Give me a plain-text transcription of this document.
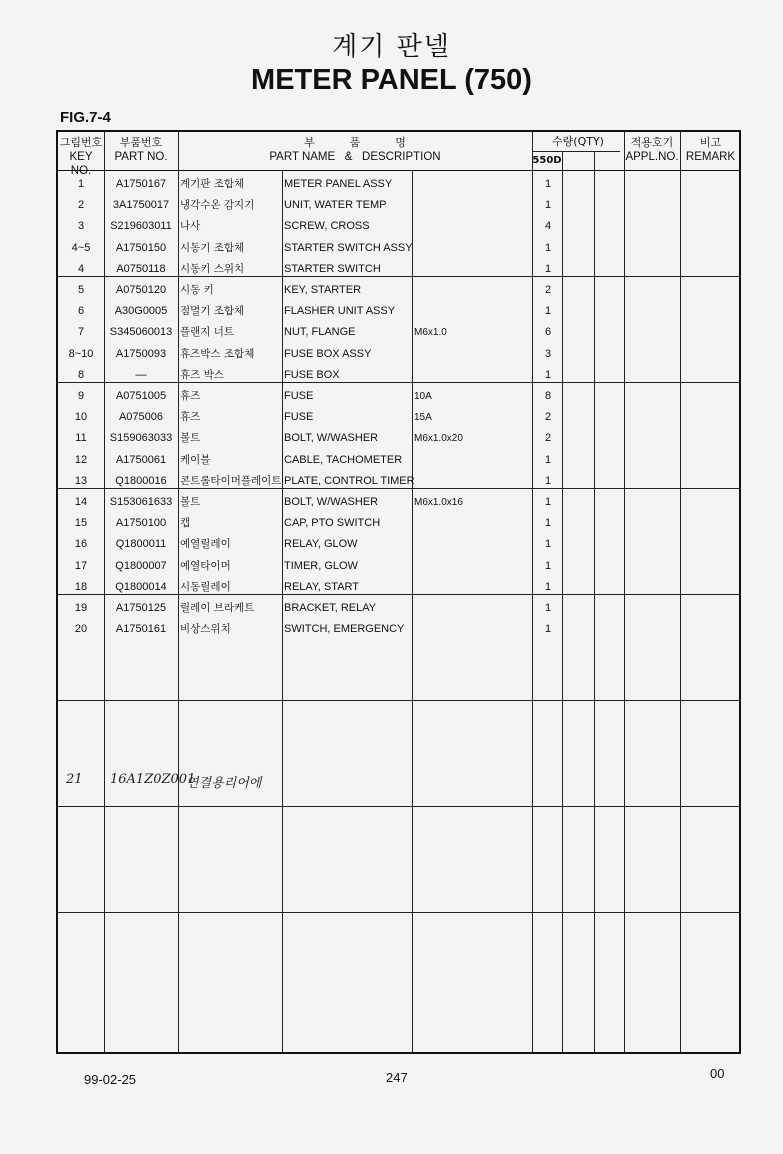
계기 판넬
METER PANEL (750)
FIG.7-4
그림번호
KEY NO.
부품번호
PART NO.
부          품          명
PART NAME   &   DESCRIPTION
수량(QTY)
550D
적용호기
APPL.NO.
비고
REMARK
1	A1750167	계기판 조합체	METER PANEL ASSY	1
2	3A1750017	냉각수온 감지기	UNIT, WATER TEMP	1
3	S219603011 나사	SCREW, CROSS	4
4~5	A1750150	시동기 조합체	STARTER SWITCH ASSY	1
4	A0750118	시동키 스위치	STARTER SWITCH	1
5	A0750120	시동 키	KEY, STARTER	2
6	A30G0005	점멸기 조합체	FLASHER UNIT ASSY	1
7	S345060013 플랜지 너트	NUT, FLANGE	M6x1.0	6
8~10	A1750093	휴즈박스 조합체	FUSE BOX ASSY	3
8	—	휴즈 박스	FUSE BOX	1
9	A0751005	휴즈	FUSE	10A	8
10	A075006	휴즈	FUSE	15A	2
11	S159063033 볼트	BOLT, W/WASHER	M6x1.0x20	2
12	A1750061	케이블	CABLE, TACHOMETER	1
13	Q1800016	콘트롤타이머플레이트 PLATE, CONTROL TIMER	1
14	S153061633 볼트	BOLT, W/WASHER	M6x1.0x16	1
15	A1750100	캡	CAP, PTO SWITCH	1
16	Q1800011	예열릴레이	RELAY, GLOW	1
17	Q1800007	예열타이머	TIMER, GLOW	1
18	Q1800014	시동릴레이	RELAY, START	1
19	A1750125	릴레이 브라케트	BRACKET, RELAY	1
20	A1750161	비상스위치	SWITCH, EMERGENCY	1
21 16A1Z0Z001
연결용리어에
99-02-25	247	00
